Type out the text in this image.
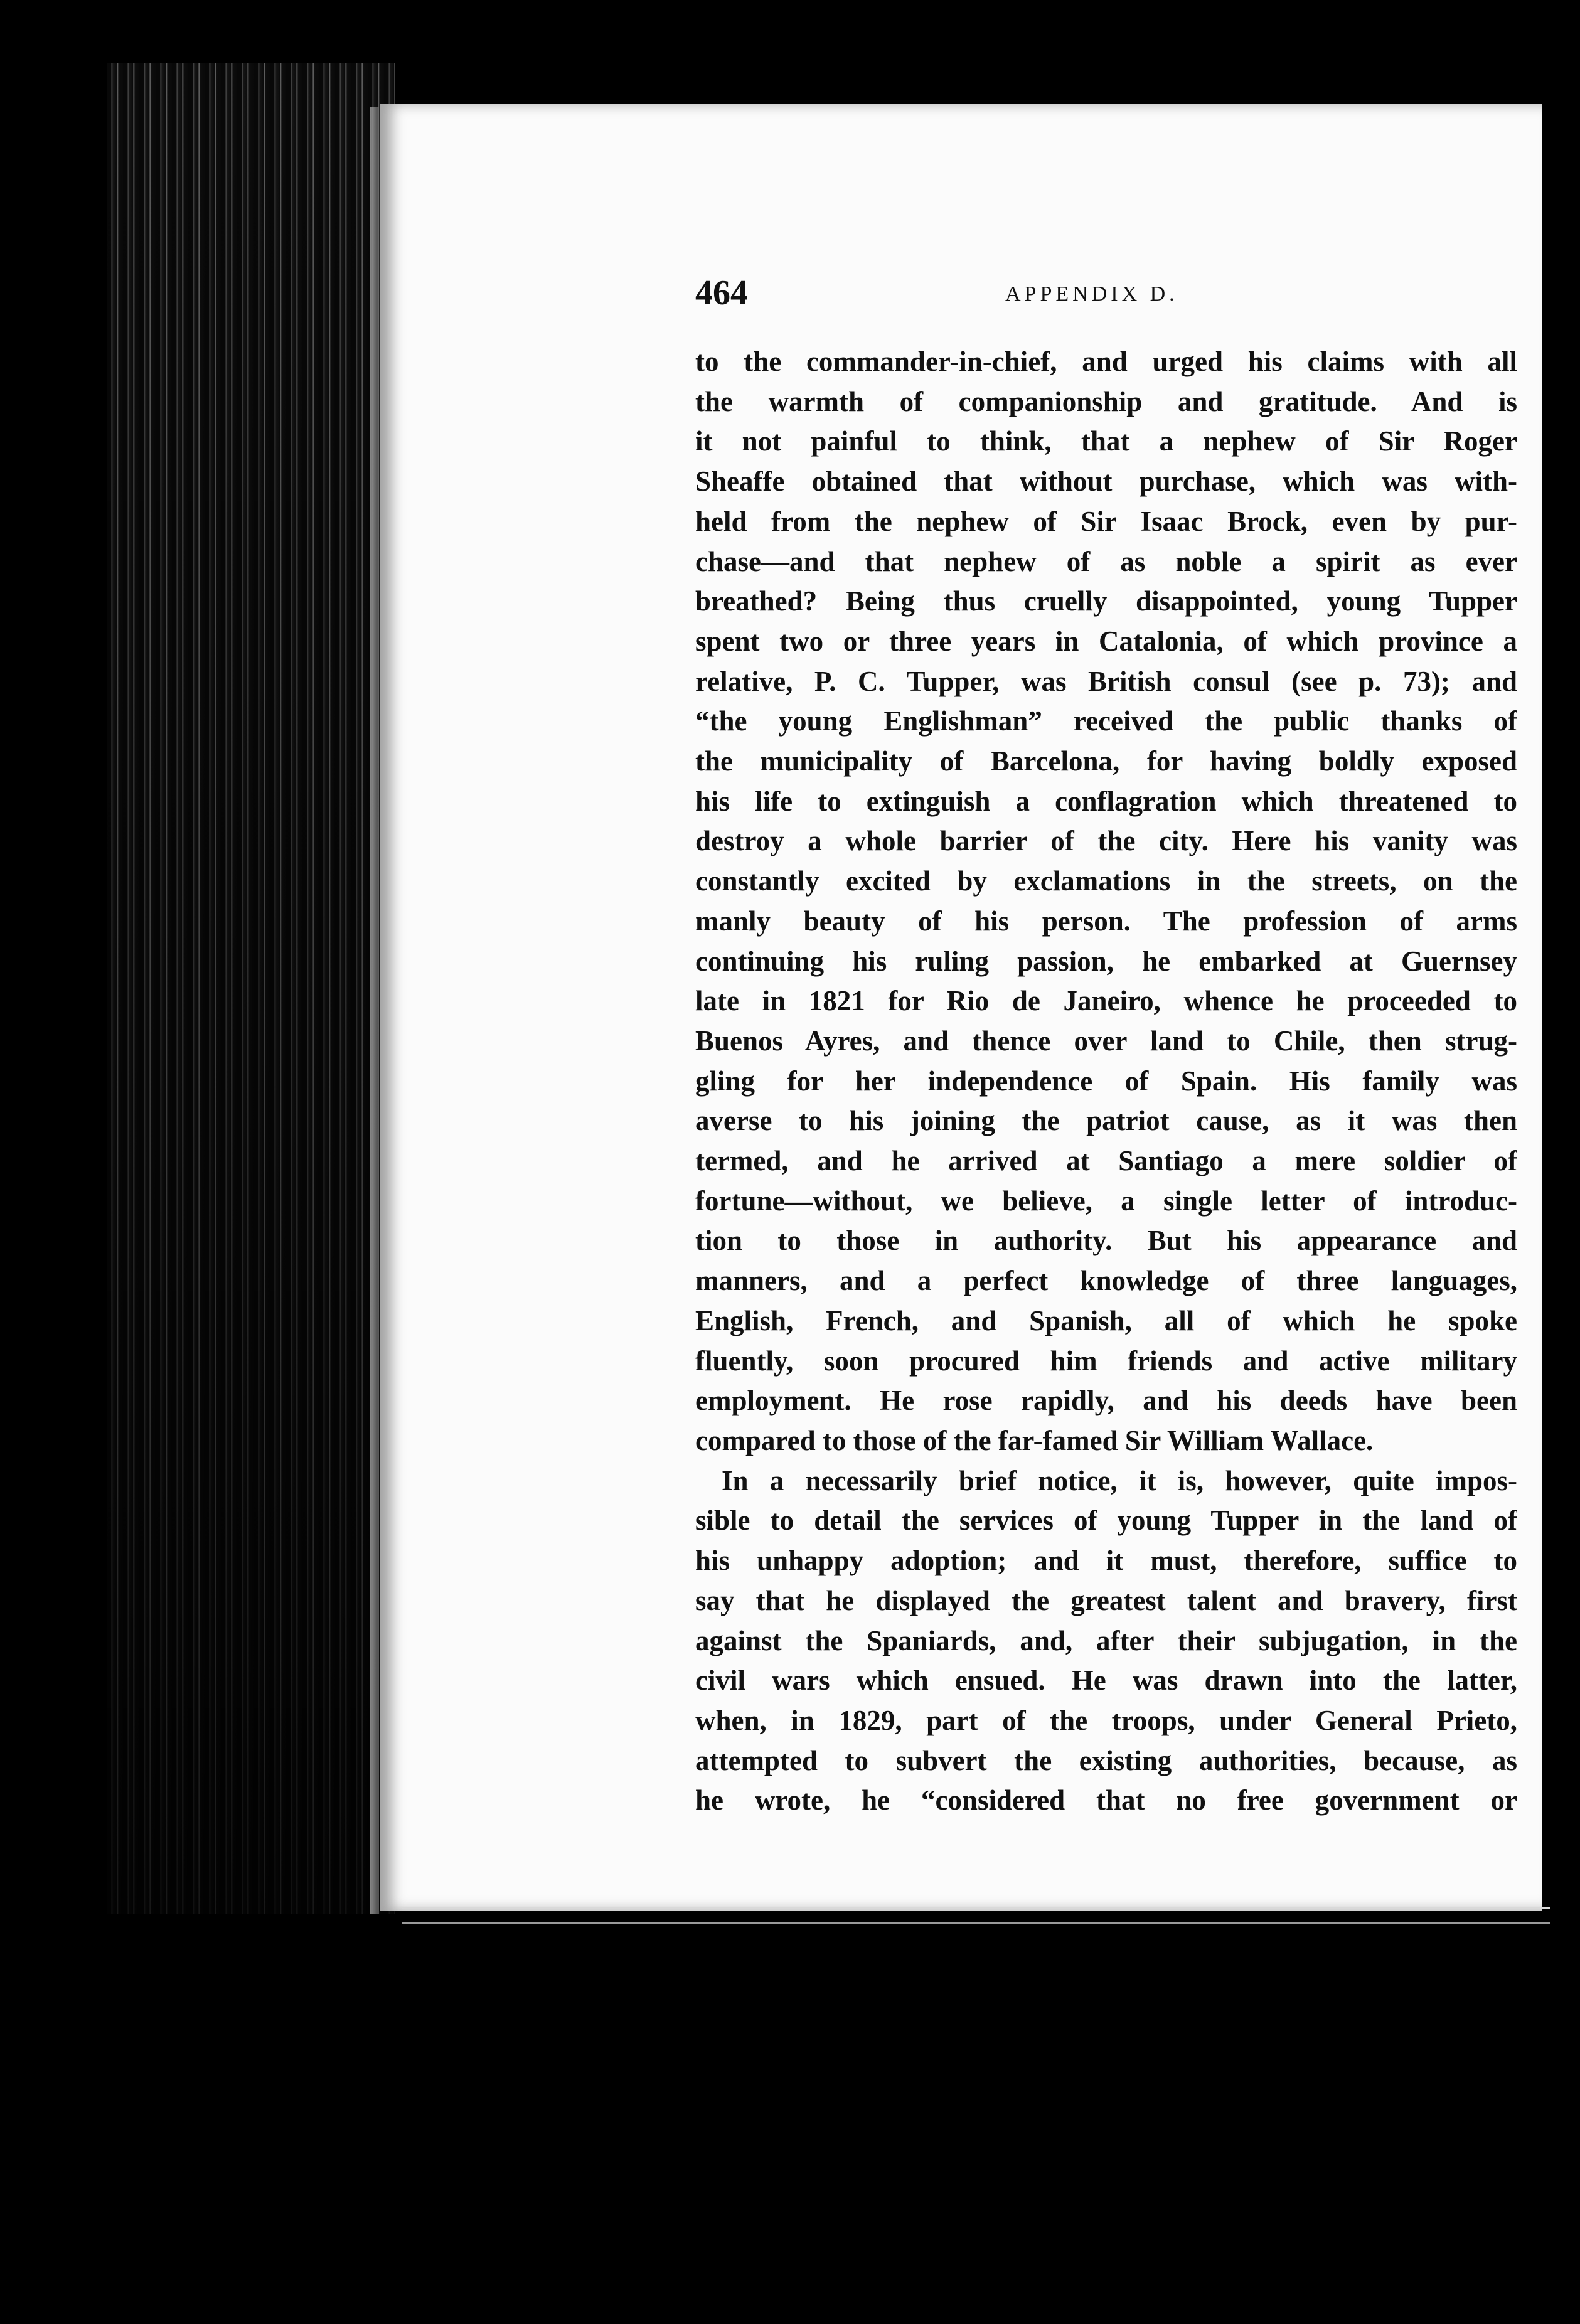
464	APPENDIX D.
to the commander-in-chief, and urged his claims with all
the warmth of companionship and gratitude. And is
it not painful to think, that a nephew of Sir Roger
Sheaffe obtained that without purchase, which was with-
held from the nephew of Sir Isaac Brock, even by pur-
chase—and that nephew of as noble a spirit as ever
breathed? Being thus cruelly disappointed, young Tupper
spent two or three years in Catalonia, of which province a
relative, P. C. Tupper, was British consul (see p. 73); and
“the young Englishman” received the public thanks of
the municipality of Barcelona, for having boldly exposed
his life to extinguish a conflagration which threatened to
destroy a whole barrier of the city. Here his vanity was
constantly excited by exclamations in the streets, on the
manly beauty of his person. The profession of arms
continuing his ruling passion, he embarked at Guernsey
late in 1821 for Rio de Janeiro, whence he proceeded to
Buenos Ayres, and thence over land to Chile, then strug-
gling for her independence of Spain. His family was
averse to his joining the patriot cause, as it was then
termed, and he arrived at Santiago a mere soldier of
fortune—without, we believe, a single letter of introduc-
tion to those in authority. But his appearance and
manners, and a perfect knowledge of three languages,
English, French, and Spanish, all of which he spoke
fluently, soon procured him friends and active military
employment. He rose rapidly, and his deeds have been
compared to those of the far-famed Sir William Wallace.
In a necessarily brief notice, it is, however, quite impos-
sible to detail the services of young Tupper in the land of
his unhappy adoption; and it must, therefore, suffice to
say that he displayed the greatest talent and bravery, first
against the Spaniards, and, after their subjugation, in the
civil wars which ensued. He was drawn into the latter,
when, in 1829, part of the troops, under General Prieto,
attempted to subvert the existing authorities, because, as
he wrote, he “considered that no free government or
